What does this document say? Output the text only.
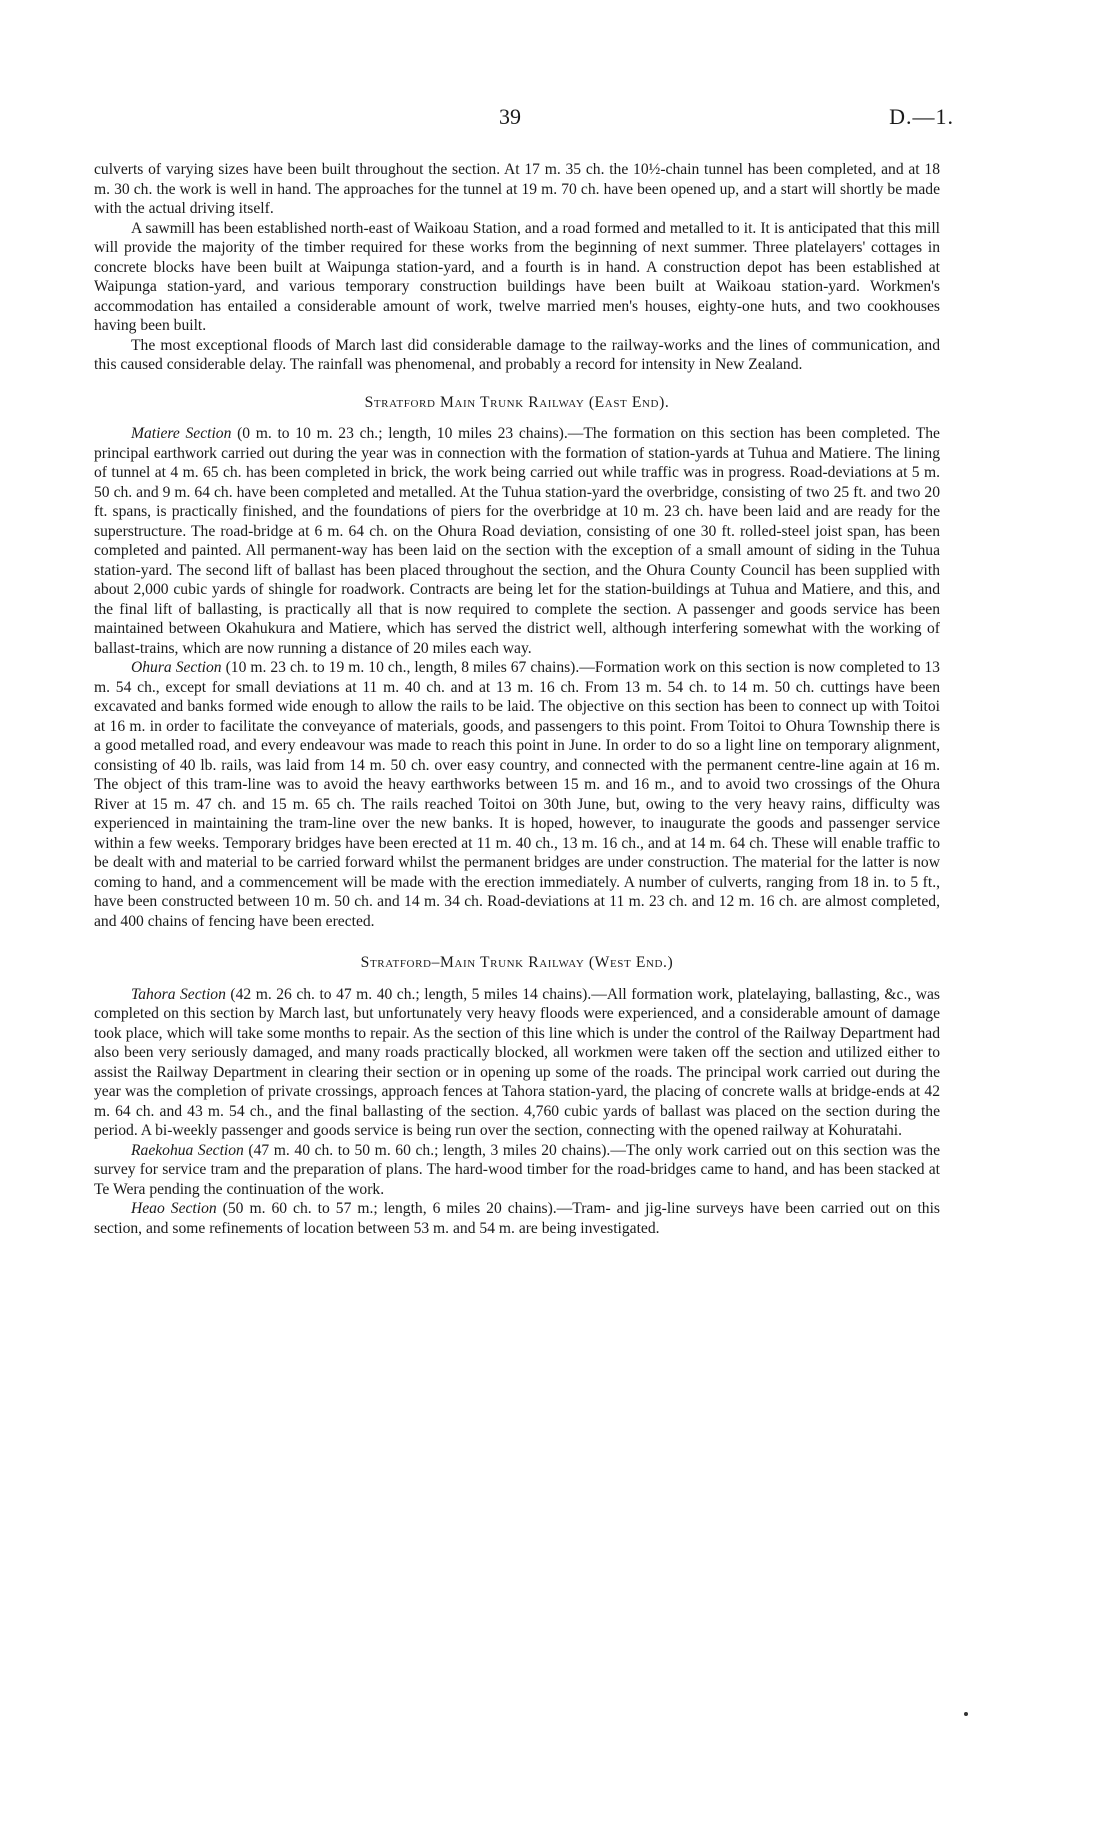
39	D.—1.

culverts of varying sizes have been built throughout the section. At 17 m. 35 ch. the 10½-chain tunnel has been completed, and at 18 m. 30 ch. the work is well in hand. The approaches for the tunnel at 19 m. 70 ch. have been opened up, and a start will shortly be made with the actual driving itself.

A sawmill has been established north-east of Waikoau Station, and a road formed and metalled to it. It is anticipated that this mill will provide the majority of the timber required for these works from the beginning of next summer. Three platelayers' cottages in concrete blocks have been built at Waipunga station-yard, and a fourth is in hand. A construction depot has been established at Waipunga station-yard, and various temporary construction buildings have been built at Waikoau station-yard. Workmen's accommodation has entailed a considerable amount of work, twelve married men's houses, eighty-one huts, and two cookhouses having been built.

The most exceptional floods of March last did considerable damage to the railway-works and the lines of communication, and this caused considerable delay. The rainfall was phenomenal, and probably a record for intensity in New Zealand.

Stratford Main Trunk Railway (East End).

Matiere Section (0 m. to 10 m. 23 ch.; length, 10 miles 23 chains).—The formation on this section has been completed. The principal earthwork carried out during the year was in connection with the formation of station-yards at Tuhua and Matiere. The lining of tunnel at 4 m. 65 ch. has been completed in brick, the work being carried out while traffic was in progress. Road-deviations at 5 m. 50 ch. and 9 m. 64 ch. have been completed and metalled. At the Tuhua station-yard the overbridge, consisting of two 25 ft. and two 20 ft. spans, is practically finished, and the foundations of piers for the overbridge at 10 m. 23 ch. have been laid and are ready for the superstructure. The road-bridge at 6 m. 64 ch. on the Ohura Road deviation, consisting of one 30 ft. rolled-steel joist span, has been completed and painted. All permanent-way has been laid on the section with the exception of a small amount of siding in the Tuhua station-yard. The second lift of ballast has been placed throughout the section, and the Ohura County Council has been supplied with about 2,000 cubic yards of shingle for roadwork. Contracts are being let for the station-buildings at Tuhua and Matiere, and this, and the final lift of ballasting, is practically all that is now required to complete the section. A passenger and goods service has been maintained between Okahukura and Matiere, which has served the district well, although interfering somewhat with the working of ballast-trains, which are now running a distance of 20 miles each way.

Ohura Section (10 m. 23 ch. to 19 m. 10 ch., length, 8 miles 67 chains).—Formation work on this section is now completed to 13 m. 54 ch., except for small deviations at 11 m. 40 ch. and at 13 m. 16 ch. From 13 m. 54 ch. to 14 m. 50 ch. cuttings have been excavated and banks formed wide enough to allow the rails to be laid. The objective on this section has been to connect up with Toitoi at 16 m. in order to facilitate the conveyance of materials, goods, and passengers to this point. From Toitoi to Ohura Township there is a good metalled road, and every endeavour was made to reach this point in June. In order to do so a light line on temporary alignment, consisting of 40 lb. rails, was laid from 14 m. 50 ch. over easy country, and connected with the permanent centre-line again at 16 m. The object of this tram-line was to avoid the heavy earthworks between 15 m. and 16 m., and to avoid two crossings of the Ohura River at 15 m. 47 ch. and 15 m. 65 ch. The rails reached Toitoi on 30th June, but, owing to the very heavy rains, difficulty was experienced in maintaining the tram-line over the new banks. It is hoped, however, to inaugurate the goods and passenger service within a few weeks. Temporary bridges have been erected at 11 m. 40 ch., 13 m. 16 ch., and at 14 m. 64 ch. These will enable traffic to be dealt with and material to be carried forward whilst the permanent bridges are under construction. The material for the latter is now coming to hand, and a commencement will be made with the erection immediately. A number of culverts, ranging from 18 in. to 5 ft., have been constructed between 10 m. 50 ch. and 14 m. 34 ch. Road-deviations at 11 m. 23 ch. and 12 m. 16 ch. are almost completed, and 400 chains of fencing have been erected.

Stratford–Main Trunk Railway (West End.)

Tahora Section (42 m. 26 ch. to 47 m. 40 ch.; length, 5 miles 14 chains).—All formation work, platelaying, ballasting, &c., was completed on this section by March last, but unfortunately very heavy floods were experienced, and a considerable amount of damage took place, which will take some months to repair. As the section of this line which is under the control of the Railway Department had also been very seriously damaged, and many roads practically blocked, all workmen were taken off the section and utilized either to assist the Railway Department in clearing their section or in opening up some of the roads. The principal work carried out during the year was the completion of private crossings, approach fences at Tahora station-yard, the placing of concrete walls at bridge-ends at 42 m. 64 ch. and 43 m. 54 ch., and the final ballasting of the section. 4,760 cubic yards of ballast was placed on the section during the period. A bi-weekly passenger and goods service is being run over the section, connecting with the opened railway at Kohuratahi.

Raekohua Section (47 m. 40 ch. to 50 m. 60 ch.; length, 3 miles 20 chains).—The only work carried out on this section was the survey for service tram and the preparation of plans. The hard-wood timber for the road-bridges came to hand, and has been stacked at Te Wera pending the continuation of the work.

Heao Section (50 m. 60 ch. to 57 m.; length, 6 miles 20 chains).—Tram- and jig-line surveys have been carried out on this section, and some refinements of location between 53 m. and 54 m. are being investigated.
